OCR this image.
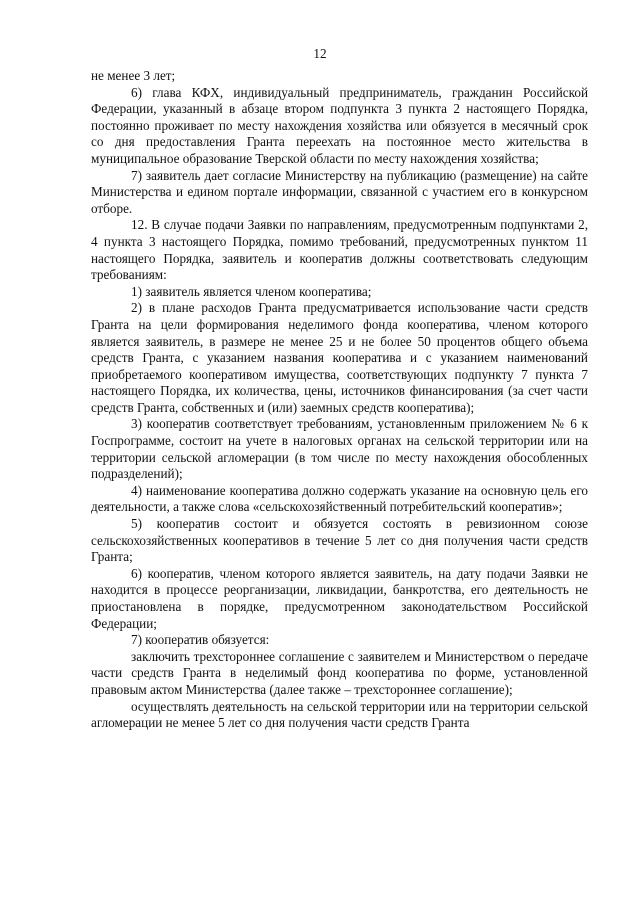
12

не менее 3 лет;

6) глава КФХ, индивидуальный предприниматель, гражданин Российской Федерации, указанный в абзаце втором подпункта 3 пункта 2 настоящего Порядка, постоянно проживает по месту нахождения хозяйства или обязуется в месячный срок со дня предоставления Гранта переехать на постоянное место жительства в муниципальное образование Тверской области по месту нахождения хозяйства;

7) заявитель дает согласие Министерству на публикацию (размещение) на сайте Министерства и едином портале информации, связанной с участием его в конкурсном отборе.

12. В случае подачи Заявки по направлениям, предусмотренным подпунктами 2, 4 пункта 3 настоящего Порядка, помимо требований, предусмотренных пунктом 11 настоящего Порядка, заявитель и кооператив должны соответствовать следующим требованиям:

1) заявитель является членом кооператива;

2) в плане расходов Гранта предусматривается использование части средств Гранта на цели формирования неделимого фонда кооператива, членом которого является заявитель, в размере не менее 25 и не более 50 процентов общего объема средств Гранта, с указанием названия кооператива и с указанием наименований приобретаемого кооперативом имущества, соответствующих подпункту 7 пункта 7 настоящего Порядка, их количества, цены, источников финансирования (за счет части средств Гранта, собственных и (или) заемных средств кооператива);

3) кооператив соответствует требованиям, установленным приложением № 6 к Госпрограмме, состоит на учете в налоговых органах на сельской территории или на территории сельской агломерации (в том числе по месту нахождения обособленных подразделений);

4) наименование кооператива должно содержать указание на основную цель его деятельности, а также слова «сельскохозяйственный потребительский кооператив»;

5) кооператив состоит и обязуется состоять в ревизионном союзе сельскохозяйственных кооперативов в течение 5 лет со дня получения части средств Гранта;

6) кооператив, членом которого является заявитель, на дату подачи Заявки не находится в процессе реорганизации, ликвидации, банкротства, его деятельность не приостановлена в порядке, предусмотренном законодательством Российской Федерации;

7) кооператив обязуется:

заключить трехстороннее соглашение с заявителем и Министерством о передаче части средств Гранта в неделимый фонд кооператива по форме, установленной правовым актом Министерства (далее также – трехстороннее соглашение);

осуществлять деятельность на сельской территории или на территории сельской агломерации не менее 5 лет со дня получения части средств Гранта
